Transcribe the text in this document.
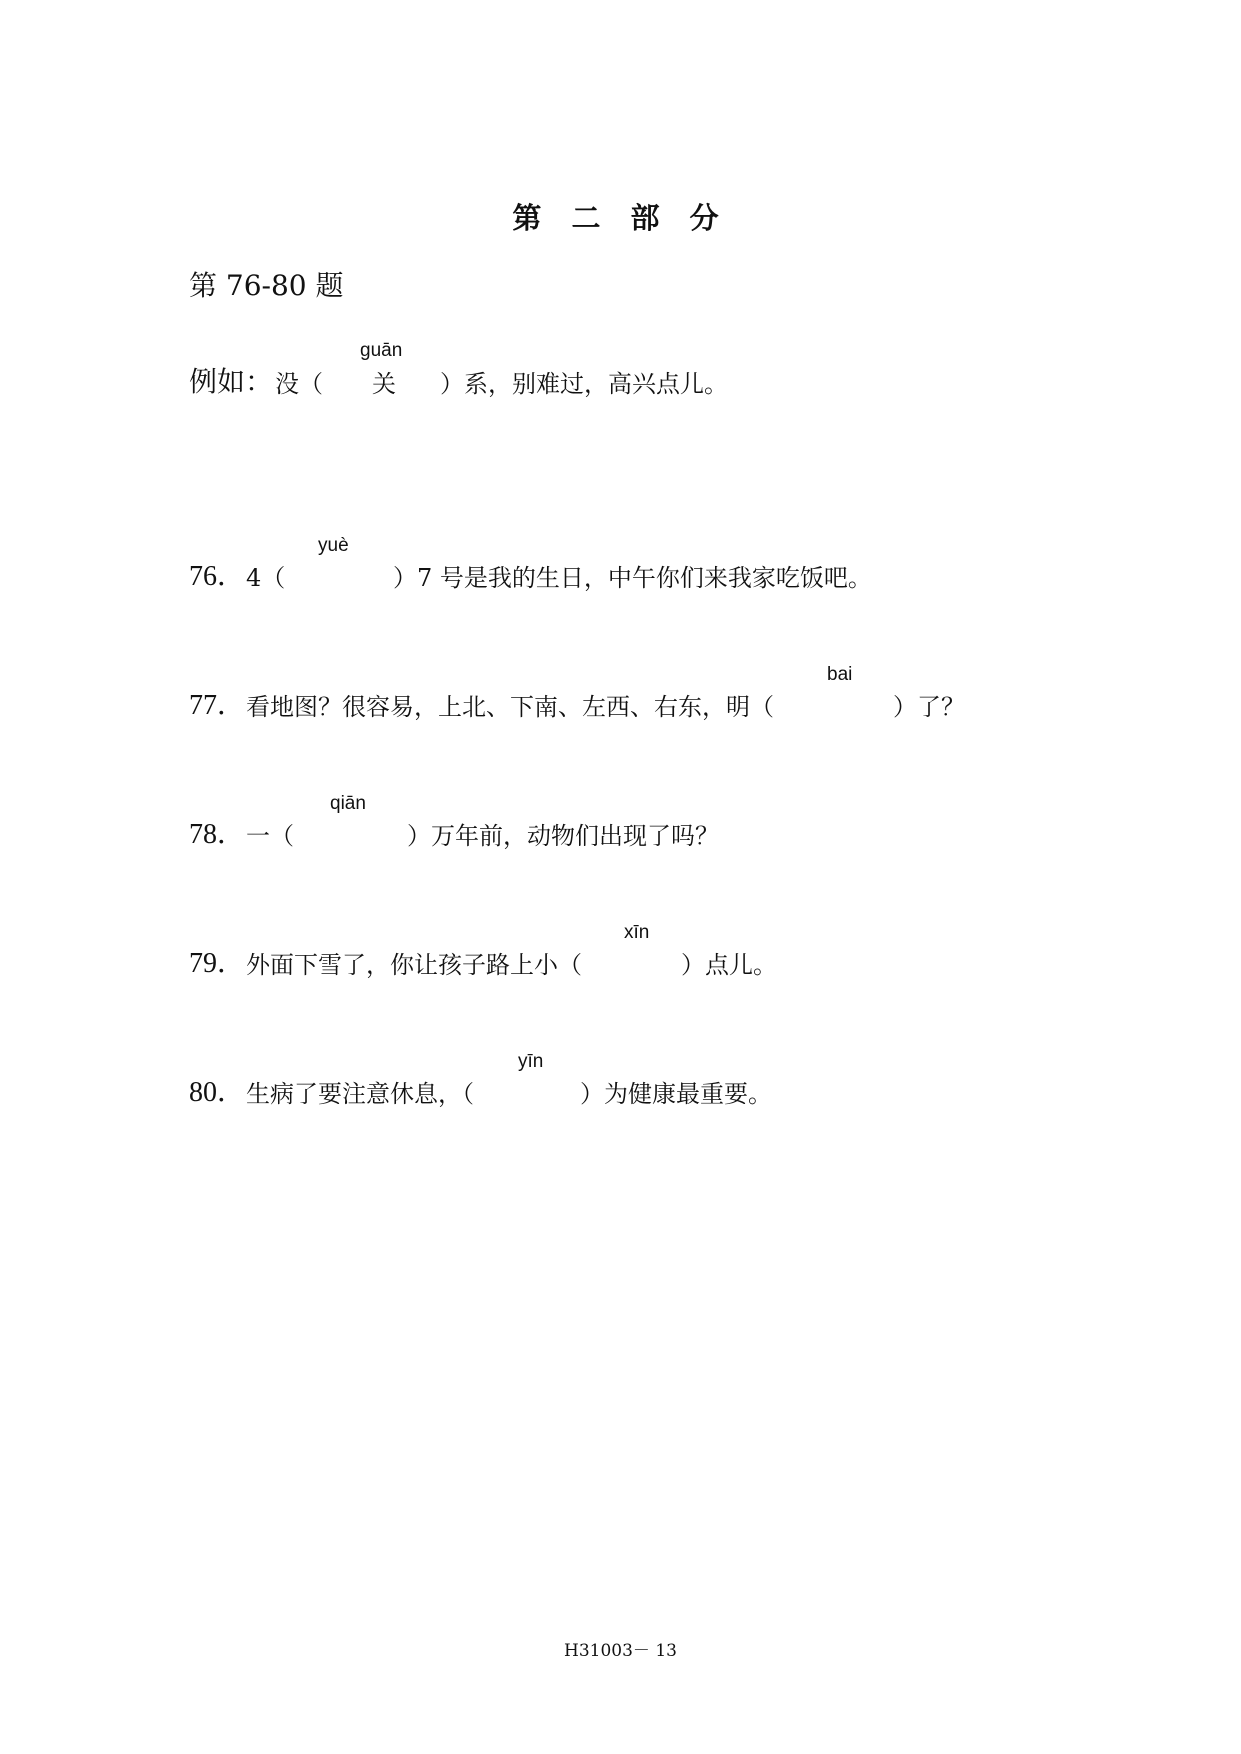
第 二 部 分
第 76-80 题
guān
例如： 没（ 关 ）系，别难过，高兴点儿。
yuè
76． 4（	）7 号是我的生日，中午你们来我家吃饭吧。
bai
77． 看地图？很容易，上北、下南、左西、右东，明（	）了？
qiān
78． 一（	）万年前，动物们出现了吗？
xīn
79． 外面下雪了，你让孩子路上小（	）点儿。
yīn
80． 生病了要注意休息，（	）为健康最重要。
H31003－ 13
